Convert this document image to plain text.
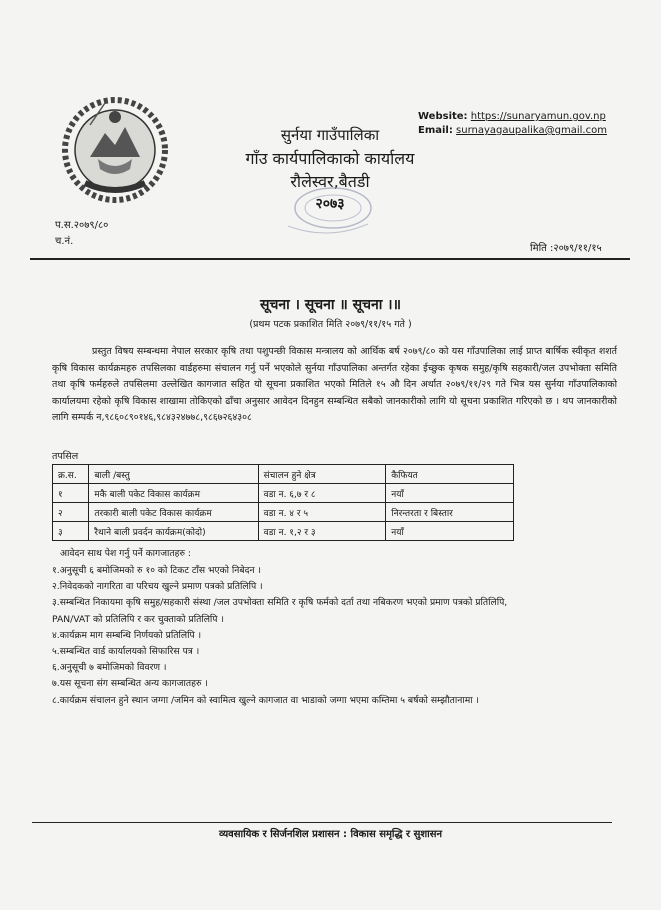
सुर्नया गाउँपालिका
गाँउ कार्यपालिकाको कार्यालय
रौलेस्वर,बैतडी
२०७३
Website: https://sunaryamun.gov.np
Email: surnayagaupalika@gmail.com
प.स.२०७९/८०
च.नं.
मिति :२०७९/११/१५
सूचना । सूचना ॥ सूचना ।॥
(प्रथम पटक प्रकाशित मिति २०७९/११/१५ गते )
प्रस्तुत विषय सम्बन्धमा नेपाल सरकार कृषि तथा पशुपन्छी विकास मन्त्रालय को आर्थिक बर्ष २०७९/८० को यस गाँउपालिका लाई प्राप्त बार्षिक स्वीकृत शशर्त कृषि विकास कार्यक्रमहरु तपसिलका वार्डहरुमा संचालन गर्नु पर्ने भएकोले सुर्नया गाँउपालिका अन्तर्गत रहेका ईच्छुक कृषक समुह/कृषि सहकारी/जल उपभोक्ता समिति तथा कृषि फर्महरुले तपसिलमा उल्लेखित कागजात सहित यो सूचना प्रकाशित भएको मितिले १५ औ दिन अर्थात २०७९/११/२९ गते भित्र यस सुर्नया गाँउपालिकाको कार्यालयमा रहेको कृषि विकास शाखामा तोकिएको ढाँचा अनुसार आवेदन दिनहुन सम्बन्धित सबैको जानकारीको लागि यो सूचना प्रकाशित गरिएको छ । थप जानकारीको लागि सम्पर्क न,९८६०८९०१४६,९८४३२४७७८,९८६७२६४३०८
तपसिल
क्र.स.	बाली /बस्तु	संचालन हुने क्षेत्र	कैफियत
१	मकै बाली पकेट विकास कार्यक्रम	वडा न. ६,७ र ८	नयाँ
२	तरकारी बाली पकेट विकास कार्यक्रम	वडा न. ४ र ५	निरन्तरता र बिस्तार
३	रैथाने बाली प्रवर्दन कार्यक्रम(कोदो)	वडा न. १,२ र ३	नयाँ
आवेदन साथ पेश गर्नु पर्ने कागजातहरु :
१.अनुसूची ६ बमोजिमको रु १० को टिकट टाँस भएको निबेदन ।
२.निवेदकको नागरिता वा परिचय खुल्ने प्रमाण पत्रको प्रतिलिपि ।
३.सम्बन्धित निकायमा कृषि समुह/सहकारी संस्था /जल उपभोक्ता समिति र कृषि फर्मको दर्ता तथा नबिकरण भएको प्रमाण पत्रको प्रतिलिपि,
PAN/VAT को प्रतिलिपि र कर चुक्ताको प्रतिलिपि ।
४.कार्यक्रम माग सम्बन्धि निर्णयको प्रतिलिपि ।
५.सम्बन्धित वार्ड कार्यालयको सिफारिस पत्र ।
६.अनुसूची ७ बमोजिमको विवरण ।
७.यस सूचना संग सम्बन्धित अन्य कागजातहरु ।
८.कार्यक्रम संचालन हुने स्थान जग्गा /जमिन को स्वामित्व खुल्ने कागजात वा भाडाको जग्गा भएमा कम्तिमा ५ बर्षको सम्झौतानामा ।
व्यवसायिक र सिर्जनशिल प्रशासन : विकास समृद्धि र सुशासन
